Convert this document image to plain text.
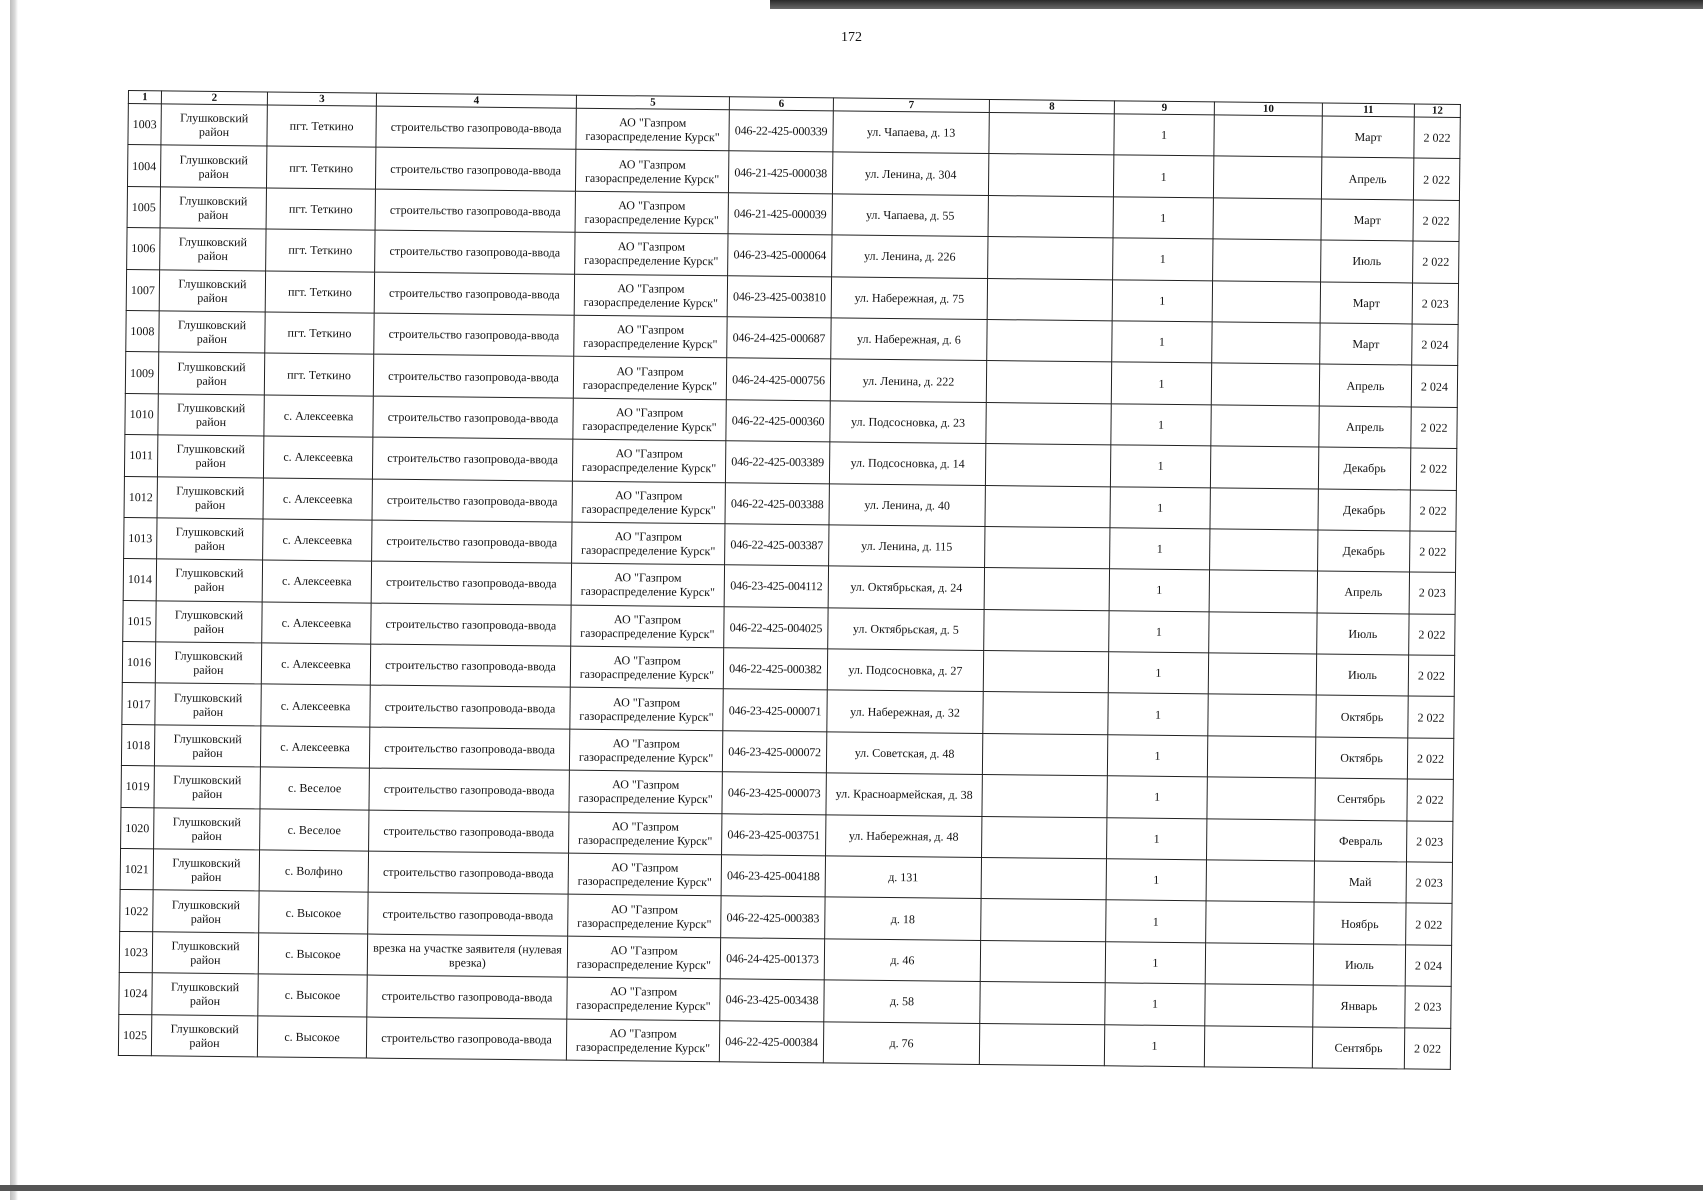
172
1	2	3	4	5	6	7	8	9	10	11	12
1003	Глушковский район	пгт. Теткино	строительство газопровода-ввода	АО "Газпром газораспределение Курск"	046-22-425-000339	ул. Чапаева, д. 13		1		Март	2 022
1004	Глушковский район	пгт. Теткино	строительство газопровода-ввода	АО "Газпром газораспределение Курск"	046-21-425-000038	ул. Ленина, д. 304		1		Апрель	2 022
1005	Глушковский район	пгт. Теткино	строительство газопровода-ввода	АО "Газпром газораспределение Курск"	046-21-425-000039	ул. Чапаева, д. 55		1		Март	2 022
1006	Глушковский район	пгт. Теткино	строительство газопровода-ввода	АО "Газпром газораспределение Курск"	046-23-425-000064	ул. Ленина, д. 226		1		Июль	2 022
1007	Глушковский район	пгт. Теткино	строительство газопровода-ввода	АО "Газпром газораспределение Курск"	046-23-425-003810	ул. Набережная, д. 75		1		Март	2 023
1008	Глушковский район	пгт. Теткино	строительство газопровода-ввода	АО "Газпром газораспределение Курск"	046-24-425-000687	ул. Набережная, д. 6		1		Март	2 024
1009	Глушковский район	пгт. Теткино	строительство газопровода-ввода	АО "Газпром газораспределение Курск"	046-24-425-000756	ул. Ленина, д. 222		1		Апрель	2 024
1010	Глушковский район	с. Алексеевка	строительство газопровода-ввода	АО "Газпром газораспределение Курск"	046-22-425-000360	ул. Подсосновка, д. 23		1		Апрель	2 022
1011	Глушковский район	с. Алексеевка	строительство газопровода-ввода	АО "Газпром газораспределение Курск"	046-22-425-003389	ул. Подсосновка, д. 14		1		Декабрь	2 022
1012	Глушковский район	с. Алексеевка	строительство газопровода-ввода	АО "Газпром газораспределение Курск"	046-22-425-003388	ул. Ленина, д. 40		1		Декабрь	2 022
1013	Глушковский район	с. Алексеевка	строительство газопровода-ввода	АО "Газпром газораспределение Курск"	046-22-425-003387	ул. Ленина, д. 115		1		Декабрь	2 022
1014	Глушковский район	с. Алексеевка	строительство газопровода-ввода	АО "Газпром газораспределение Курск"	046-23-425-004112	ул. Октябрьская, д. 24		1		Апрель	2 023
1015	Глушковский район	с. Алексеевка	строительство газопровода-ввода	АО "Газпром газораспределение Курск"	046-22-425-004025	ул. Октябрьская, д. 5		1		Июль	2 022
1016	Глушковский район	с. Алексеевка	строительство газопровода-ввода	АО "Газпром газораспределение Курск"	046-22-425-000382	ул. Подсосновка, д. 27		1		Июль	2 022
1017	Глушковский район	с. Алексеевка	строительство газопровода-ввода	АО "Газпром газораспределение Курск"	046-23-425-000071	ул. Набережная, д. 32		1		Октябрь	2 022
1018	Глушковский район	с. Алексеевка	строительство газопровода-ввода	АО "Газпром газораспределение Курск"	046-23-425-000072	ул. Советская, д. 48		1		Октябрь	2 022
1019	Глушковский район	с. Веселое	строительство газопровода-ввода	АО "Газпром газораспределение Курск"	046-23-425-000073	ул. Красноармейская, д. 38		1		Сентябрь	2 022
1020	Глушковский район	с. Веселое	строительство газопровода-ввода	АО "Газпром газораспределение Курск"	046-23-425-003751	ул. Набережная, д. 48		1		Февраль	2 023
1021	Глушковский район	с. Волфино	строительство газопровода-ввода	АО "Газпром газораспределение Курск"	046-23-425-004188	д. 131		1		Май	2 023
1022	Глушковский район	с. Высокое	строительство газопровода-ввода	АО "Газпром газораспределение Курск"	046-22-425-000383	д. 18		1		Ноябрь	2 022
1023	Глушковский район	с. Высокое	врезка на участке заявителя (нулевая врезка)	АО "Газпром газораспределение Курск"	046-24-425-001373	д. 46		1		Июль	2 024
1024	Глушковский район	с. Высокое	строительство газопровода-ввода	АО "Газпром газораспределение Курск"	046-23-425-003438	д. 58		1		Январь	2 023
1025	Глушковский район	с. Высокое	строительство газопровода-ввода	АО "Газпром газораспределение Курск"	046-22-425-000384	д. 76		1		Сентябрь	2 022
